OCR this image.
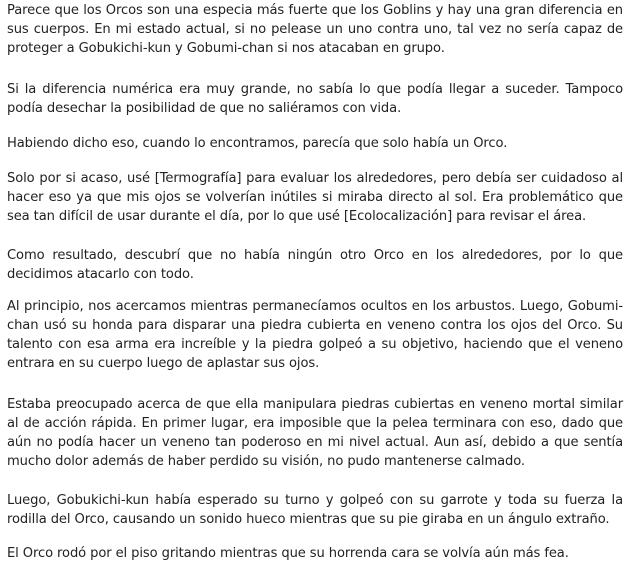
Parece que los Orcos son una especia más fuerte que los Goblins y hay una gran diferencia en sus cuerpos. En mi estado actual, si no pelease un uno contra uno, tal vez no sería capaz de proteger a Gobukichi-kun y Gobumi-chan si nos atacaban en grupo.

Si la diferencia numérica era muy grande, no sabía lo que podía llegar a suceder. Tampoco podía desechar la posibilidad de que no saliéramos con vida.

Habiendo dicho eso, cuando lo encontramos, parecía que solo había un Orco.

Solo por si acaso, usé [Termografía] para evaluar los alrededores, pero debía ser cuidadoso al hacer eso ya que mis ojos se volverían inútiles si miraba directo al sol. Era problemático que sea tan difícil de usar durante el día, por lo que usé [Ecolocalización] para revisar el área.

Como resultado, descubrí que no había ningún otro Orco en los alrededores, por lo que decidimos atacarlo con todo.

Al principio, nos acercamos mientras permanecíamos ocultos en los arbustos. Luego, Gobumi-chan usó su honda para disparar una piedra cubierta en veneno contra los ojos del Orco. Su talento con esa arma era increíble y la piedra golpeó a su objetivo, haciendo que el veneno entrara en su cuerpo luego de aplastar sus ojos.

Estaba preocupado acerca de que ella manipulara piedras cubiertas en veneno mortal similar al de acción rápida. En primer lugar, era imposible que la pelea terminara con eso, dado que aún no podía hacer un veneno tan poderoso en mi nivel actual. Aun así, debido a que sentía mucho dolor además de haber perdido su visión, no pudo mantenerse calmado.

Luego, Gobukichi-kun había esperado su turno y golpeó con su garrote y toda su fuerza la rodilla del Orco, causando un sonido hueco mientras que su pie giraba en un ángulo extraño.

El Orco rodó por el piso gritando mientras que su horrenda cara se volvía aún más fea.
